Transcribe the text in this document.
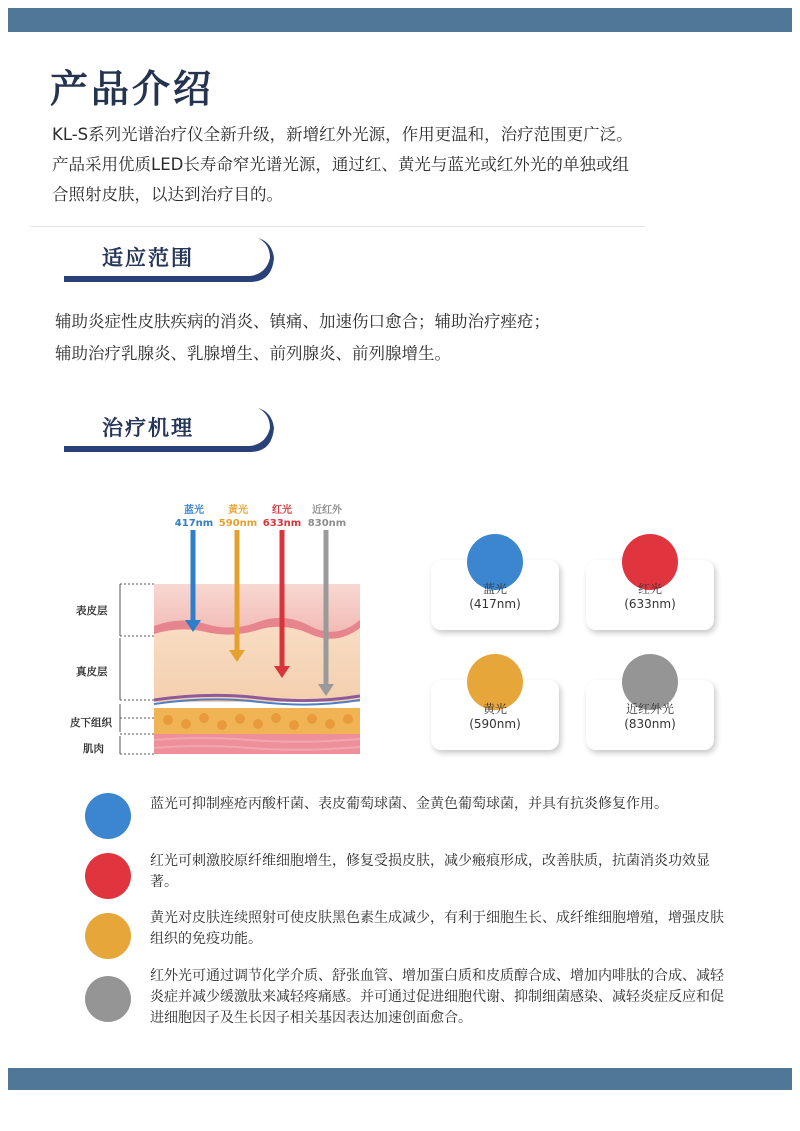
产品介绍

KL-S系列光谱治疗仪全新升级，新增红外光源，作用更温和，治疗范围更广泛。

产品采用优质LED长寿命窄光谱光源，通过红、黄光与蓝光或红外光的单独或组

合照射皮肤，以达到治疗目的。

适应范围

辅助炎症性皮肤疾病的消炎、镇痛、加速伤口愈合；辅助治疗痤疮；

辅助治疗乳腺炎、乳腺增生、前列腺炎、前列腺增生。

治疗机理
蓝光
417nm
黄光
590nm
红光
633nm
近红外
830nm
表皮层
真皮层
皮下组织
肌肉
蓝光
(417nm)
红光
(633nm)
黄光
(590nm)
近红外光
(830nm)
蓝光可抑制痤疮丙酸杆菌、表皮葡萄球菌、金黄色葡萄球菌，并具有抗炎修复作用。
红光可刺激胶原纤维细胞增生，修复受损皮肤，减少瘢痕形成，改善肤质，抗菌消炎功效显著。
黄光对皮肤连续照射可使皮肤黑色素生成减少，有利于细胞生长、成纤维细胞增殖，增强皮肤组织的免疫功能。
红外光可通过调节化学介质、舒张血管、增加蛋白质和皮质醇合成、增加内啡肽的合成、减轻炎症并减少缓激肽来减轻疼痛感。并可通过促进细胞代谢、抑制细菌感染、减轻炎症反应和促进细胞因子及生长因子相关基因表达加速创面愈合。
